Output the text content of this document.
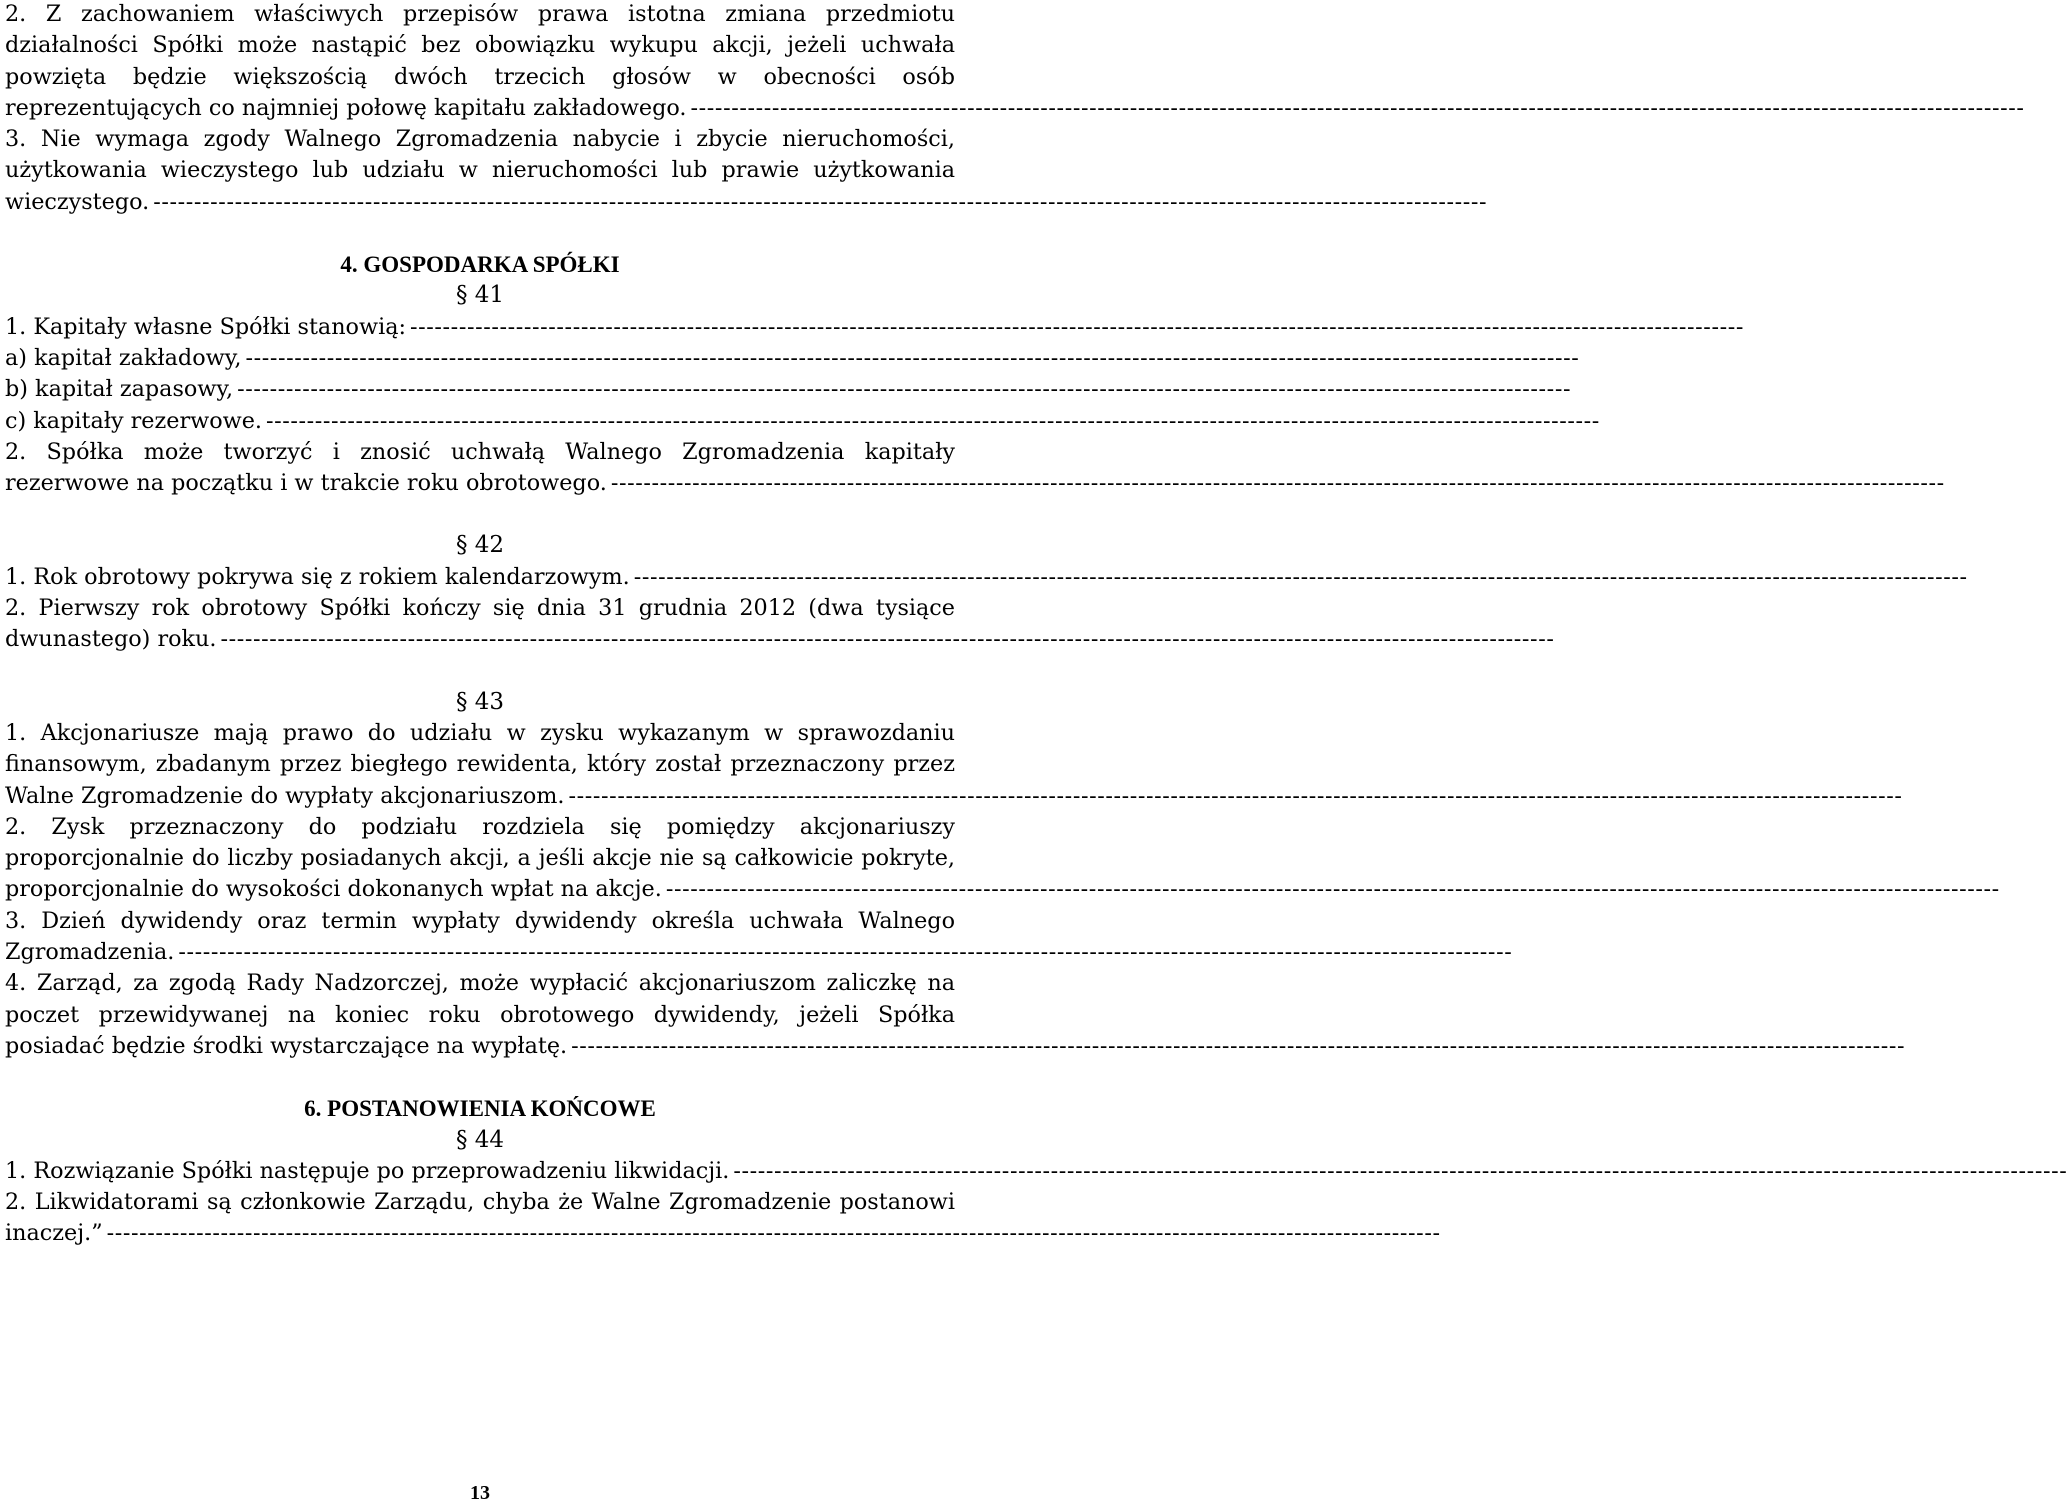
2. Z zachowaniem właściwych przepisów prawa istotna zmiana przedmiotu
działalności Spółki może nastąpić bez obowiązku wykupu akcji, jeżeli uchwała
powzięta będzie większością dwóch trzecich głosów w obecności osób
reprezentujących co najmniej połowę kapitału zakładowego. --------------------------------------------------------------------------------------------------------------------------------------------------------------------
3. Nie wymaga zgody Walnego Zgromadzenia nabycie i zbycie nieruchomości,
użytkowania wieczystego lub udziału w nieruchomości lub prawie użytkowania
wieczystego. --------------------------------------------------------------------------------------------------------------------------------------------------------------------

4. GOSPODARKA SPÓŁKI

§ 41

1. Kapitały własne Spółki stanowią: --------------------------------------------------------------------------------------------------------------------------------------------------------------------
a) kapitał zakładowy, --------------------------------------------------------------------------------------------------------------------------------------------------------------------
b) kapitał zapasowy, --------------------------------------------------------------------------------------------------------------------------------------------------------------------
c) kapitały rezerwowe. --------------------------------------------------------------------------------------------------------------------------------------------------------------------
2. Spółka może tworzyć i znosić uchwałą Walnego Zgromadzenia kapitały
rezerwowe na początku i w trakcie roku obrotowego. --------------------------------------------------------------------------------------------------------------------------------------------------------------------

§ 42

1. Rok obrotowy pokrywa się z rokiem kalendarzowym. --------------------------------------------------------------------------------------------------------------------------------------------------------------------
2. Pierwszy rok obrotowy Spółki kończy się dnia 31 grudnia 2012 (dwa tysiące
dwunastego) roku. --------------------------------------------------------------------------------------------------------------------------------------------------------------------

§ 43

1. Akcjonariusze mają prawo do udziału w zysku wykazanym w sprawozdaniu
finansowym, zbadanym przez biegłego rewidenta, który został przeznaczony przez
Walne Zgromadzenie do wypłaty akcjonariuszom. --------------------------------------------------------------------------------------------------------------------------------------------------------------------
2. Zysk przeznaczony do podziału rozdziela się pomiędzy akcjonariuszy
proporcjonalnie do liczby posiadanych akcji, a jeśli akcje nie są całkowicie pokryte,
proporcjonalnie do wysokości dokonanych wpłat na akcje. --------------------------------------------------------------------------------------------------------------------------------------------------------------------
3. Dzień dywidendy oraz termin wypłaty dywidendy określa uchwała Walnego
Zgromadzenia. --------------------------------------------------------------------------------------------------------------------------------------------------------------------
4. Zarząd, za zgodą Rady Nadzorczej, może wypłacić akcjonariuszom zaliczkę na
poczet przewidywanej na koniec roku obrotowego dywidendy, jeżeli Spółka
posiadać będzie środki wystarczające na wypłatę. --------------------------------------------------------------------------------------------------------------------------------------------------------------------

6. POSTANOWIENIA KOŃCOWE

§ 44

1. Rozwiązanie Spółki następuje po przeprowadzeniu likwidacji. --------------------------------------------------------------------------------------------------------------------------------------------------------------------
2. Likwidatorami są członkowie Zarządu, chyba że Walne Zgromadzenie postanowi
inaczej.” --------------------------------------------------------------------------------------------------------------------------------------------------------------------
13
